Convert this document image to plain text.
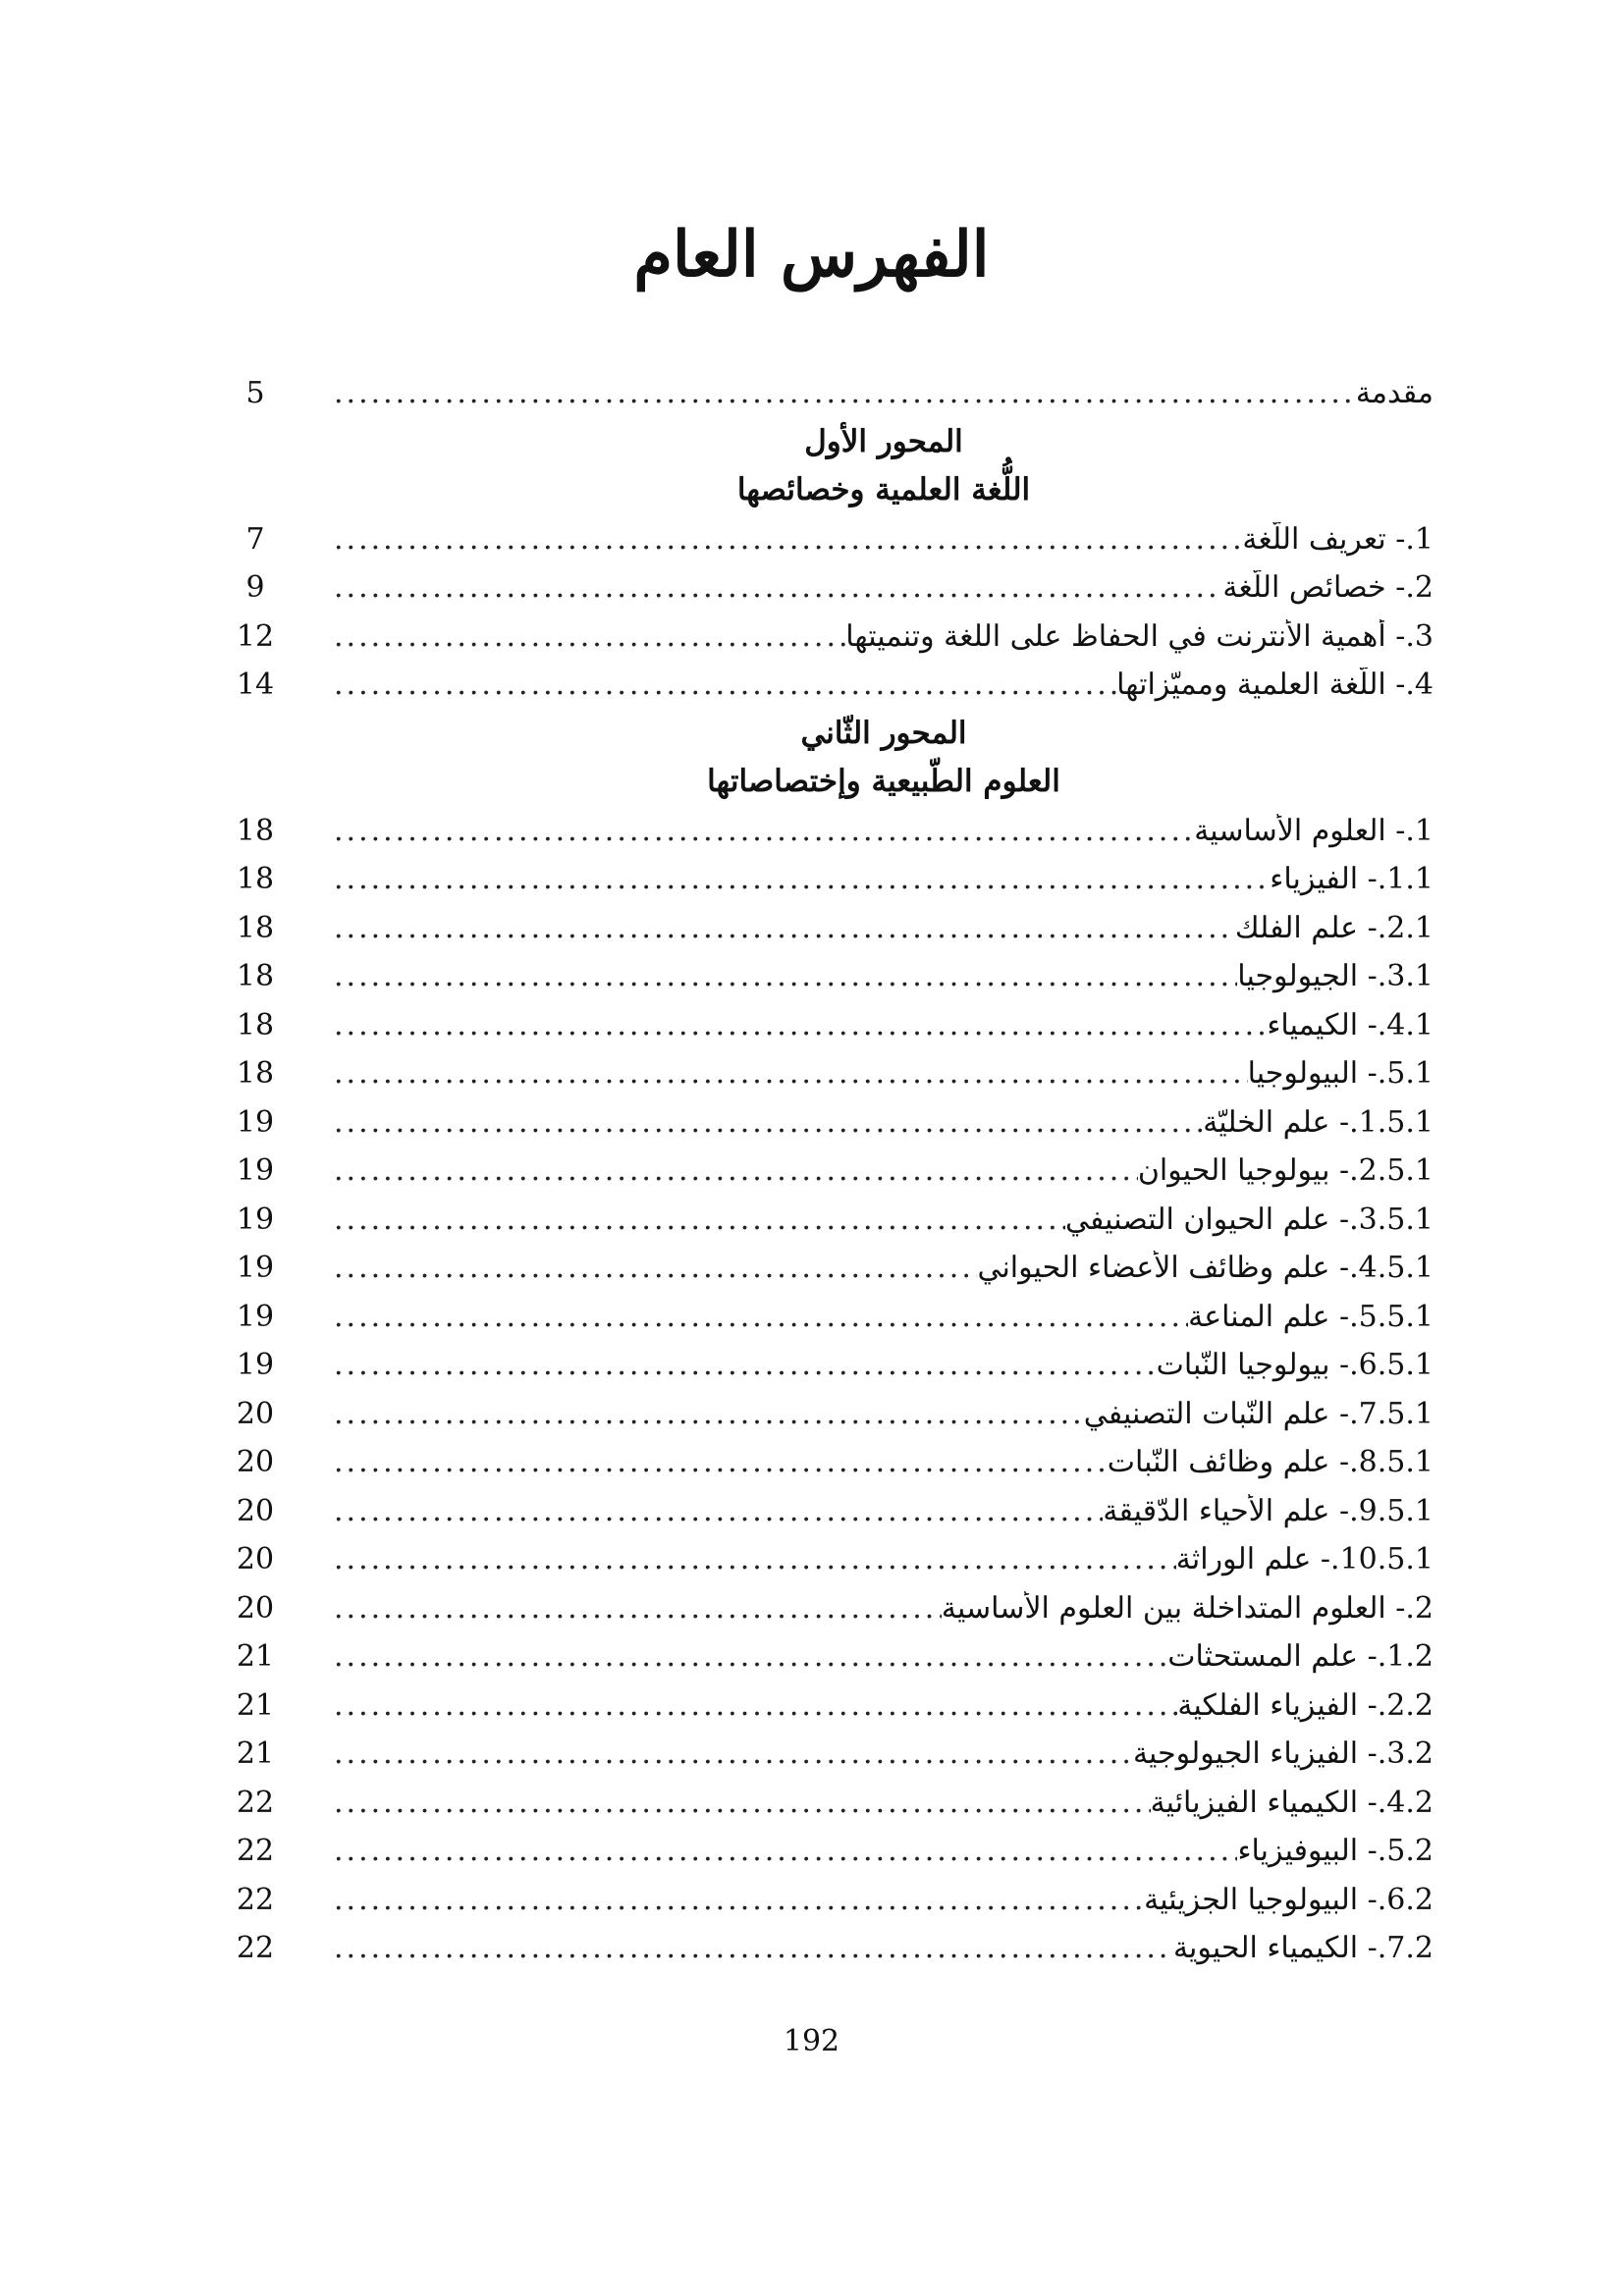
الفهرس العام
5	مقدمة
.....
المحور الأول
اللُّغة العلمية وخصائصها
7	1.- تعريف اللُّغة
.....
9	2.- خصائص اللُّغة
.....
12	3.- أهمية الأنترنت في الحفاظ على اللغة وتنميتها
.....
14	4.- اللُّغة العلمية ومميّزاتها
.....
المحور الثّاني
العلوم الطّبيعية وإختصاصاتها
18	1.- العلوم الأساسية
.....
18	1.1.- الفيزياء
.....
18	2.1.- علم الفلك
.....
18	3.1.- الجيولوجيا
.....
18	4.1.- الكيمياء
.....
18	5.1.- البيولوجيا
.....
19	1.5.1.- علم الخليّة
.....
19	2.5.1.- بيولوجيا الحيوان
.....
19	3.5.1.- علم الحيوان التصنيفي
.....
19	4.5.1.- علم وظائف الأعضاء الحيواني
.....
19	5.5.1.- علم المناعة
.....
19	6.5.1.- بيولوجيا النّبات
.....
20	7.5.1.- علم النّبات التصنيفي
.....
20	8.5.1.- علم وظائف النّبات
.....
20	9.5.1.- علم الأحياء الدّقيقة
.....
20	10.5.1.- علم الوراثة
.....
20	2.- العلوم المتداخلة بين العلوم الأساسية
.....
21	1.2.- علم المستحثات
.....
21	2.2.- الفيزياء الفلكية
.....
21	3.2.- الفيزياء الجيولوجية
.....
22	4.2.- الكيمياء الفيزيائية
.....
22	5.2.- البيوفيزياء
.....
22	6.2.- البيولوجيا الجزيئية
.....
22	7.2.- الكيمياء الحيوية
.....
192
